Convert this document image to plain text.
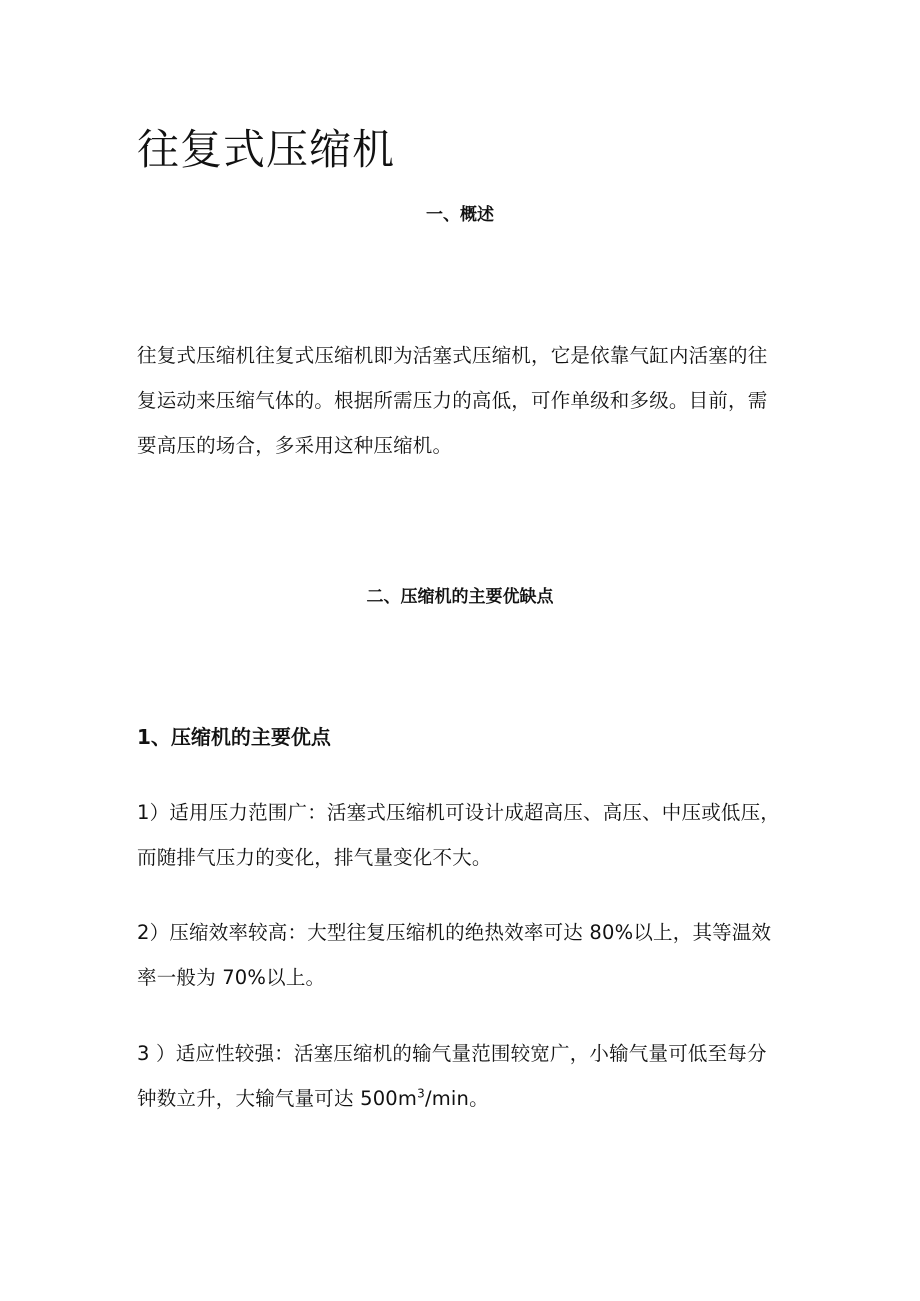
往复式压缩机
一、概述

往复式压缩机往复式压缩机即为活塞式压缩机，它是依靠气缸内活塞的往
复运动来压缩气体的。根据所需压力的高低，可作单级和多级。目前，需
要高压的场合，多采用这种压缩机。

二、压缩机的主要优缺点
1、压缩机的主要优点

1）适用压力范围广：活塞式压缩机可设计成超高压、高压、中压或低压，
而随排气压力的变化，排气量变化不大。

2）压缩效率较高：大型往复压缩机的绝热效率可达 80%以上，其等温效
率一般为 70%以上。

3 ）适应性较强：活塞压缩机的输气量范围较宽广，小输气量可低至每分
钟数立升，大输气量可达 $500m^3/\min$。
